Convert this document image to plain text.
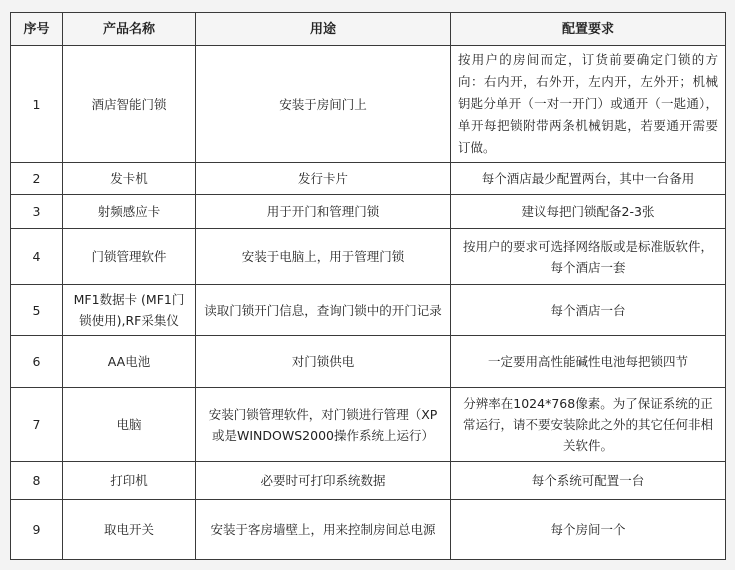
序号	产品名称	用途	配置要求
1	酒店智能门锁	安装于房间门上	按用户的房间而定，订货前要确定门锁的方向：右内开，右外开，左内开，左外开；机械钥匙分单开（一对一开门）或通开（一匙通），单开每把锁附带两条机械钥匙，若要通开需要订做。
2	发卡机	发行卡片	每个酒店最少配置两台，其中一台备用
3	射频感应卡	用于开门和管理门锁	建议每把门锁配备2-3张
4	门锁管理软件	安装于电脑上，用于管理门锁	按用户的要求可选择网络版或是标准版软件，每个酒店一套
5	MF1数据卡 (MF1门锁使用),RF采集仪	读取门锁开门信息，查询门锁中的开门记录	每个酒店一台
6	AA电池	对门锁供电	一定要用高性能碱性电池每把锁四节
7	电脑	安装门锁管理软件，对门锁进行管理（XP或是WINDOWS2000操作系统上运行）	分辨率在1024*768像素。为了保证系统的正常运行，请不要安装除此之外的其它任何非相关软件。
8	打印机	必要时可打印系统数据	每个系统可配置一台
9	取电开关	安装于客房墙壁上，用来控制房间总电源	每个房间一个
